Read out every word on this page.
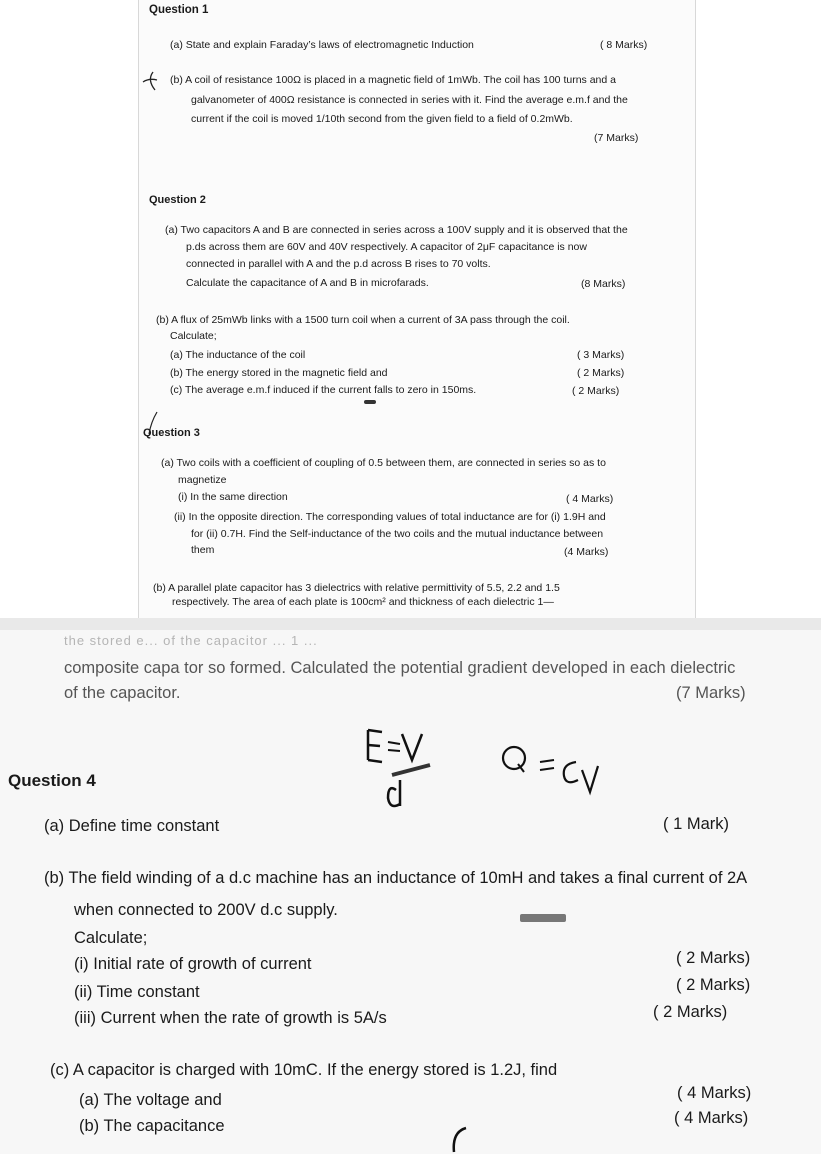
Question 1
(a) State and explain Faraday’s laws of electromagnetic Induction	( 8 Marks)
(b) A coil of resistance 100Ω is placed in a magnetic field of 1mWb. The coil has 100 turns and a
galvanometer of 400Ω resistance is connected in series with it. Find the average e.m.f and the
current if the coil is moved 1/10th second from the given field to a field of 0.2mWb.
(7 Marks)
Question 2
(a) Two capacitors A and B are connected in series across a 100V supply and it is observed that the
p.ds across them are 60V and 40V respectively. A capacitor of 2μF capacitance is now
connected in parallel with A and the p.d across B rises to 70 volts.
Calculate the capacitance of A and B in microfarads.	(8 Marks)
(b) A flux of 25mWb links with a 1500 turn coil when a current of 3A pass through the coil.
Calculate;
(a) The inductance of the coil	( 3 Marks)
(b) The energy stored in the magnetic field and	( 2 Marks)
(c) The average e.m.f induced if the current falls to zero in 150ms.	( 2 Marks)
Question 3
(a) Two coils with a coefficient of coupling of 0.5 between them, are connected in series so as to
magnetize
(i) In the same direction	( 4 Marks)
(ii) In the opposite direction. The corresponding values of total inductance are for (i) 1.9H and
for (ii) 0.7H. Find the Self-inductance of the two coils and the mutual inductance between
them	(4 Marks)
(b) A parallel plate capacitor has 3 dielectrics with relative permittivity of 5.5, 2.2 and 1.5
respectively. The area of each plate is 100cm² and thickness of each dielectric 1—
the stored e... of the capacitor ... 1 ...
composite capa tor so formed. Calculated the potential gradient developed in each dielectric
of the capacitor.	(7 Marks)
Question 4
(a) Define time constant	( 1 Mark)
(b) The field winding of a d.c machine has an inductance of 10mH and takes a final current of 2A
when connected to 200V d.c supply.
Calculate;
(i) Initial rate of growth of current	( 2 Marks)
(ii) Time constant	( 2 Marks)
(iii) Current when the rate of growth is 5A/s	( 2 Marks)
(c) A capacitor is charged with 10mC. If the energy stored is 1.2J, find
(a) The voltage and	( 4 Marks)
(b) The capacitance	( 4 Marks)
